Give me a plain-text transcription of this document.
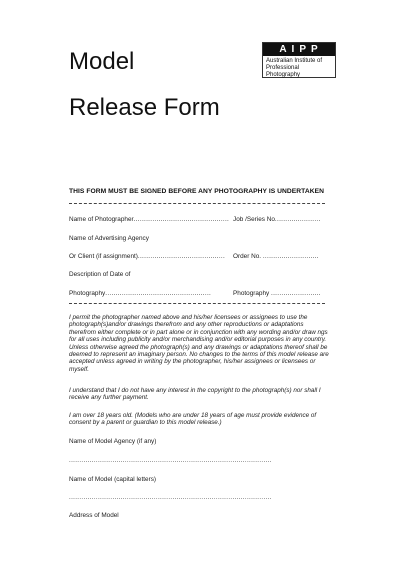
Model
Release Form
AIPP
Australian Institute of
Professional Photography
THIS FORM MUST BE SIGNED BEFORE ANY PHOTOGRAPHY IS UNDERTAKEN
Name of Photographer.............................................. Job /Series No......................
Name of Advertising Agency
Or Client (if assignment).......................................... Order No. ...........................
Description of Date of
Photography...................................................	Photography ........................
I permit the photographer named above and his/her licensees or assignees to use the photograph(s)and/or drawings therefrom and any other reproductions or adaptations therefrom either complete or in part alone or in conjunction with any wording and/or draw ngs for all uses including publicity and/or merchandising and/or editorial purposes in any country. Unless otherwise agreed the photograph(s) and any drawings or adaptations thereof shall be deemed to represent an imaginary person. No changes to the terms of this model release are accepted unless agreed in writing by the photographer, his/her assignees or licensees or myself.
I understand that I do not have any interest in the copyright to the photograph(s) nor shall I receive any further payment.
I am over 18 years old. (Models who are under 18 years of age must provide evidence of consent by a parent or guardian to this model release.)
Name of Model Agency (if any)
..................................................................................................
Name of Model (capital letters)
..................................................................................................
Address of Model
